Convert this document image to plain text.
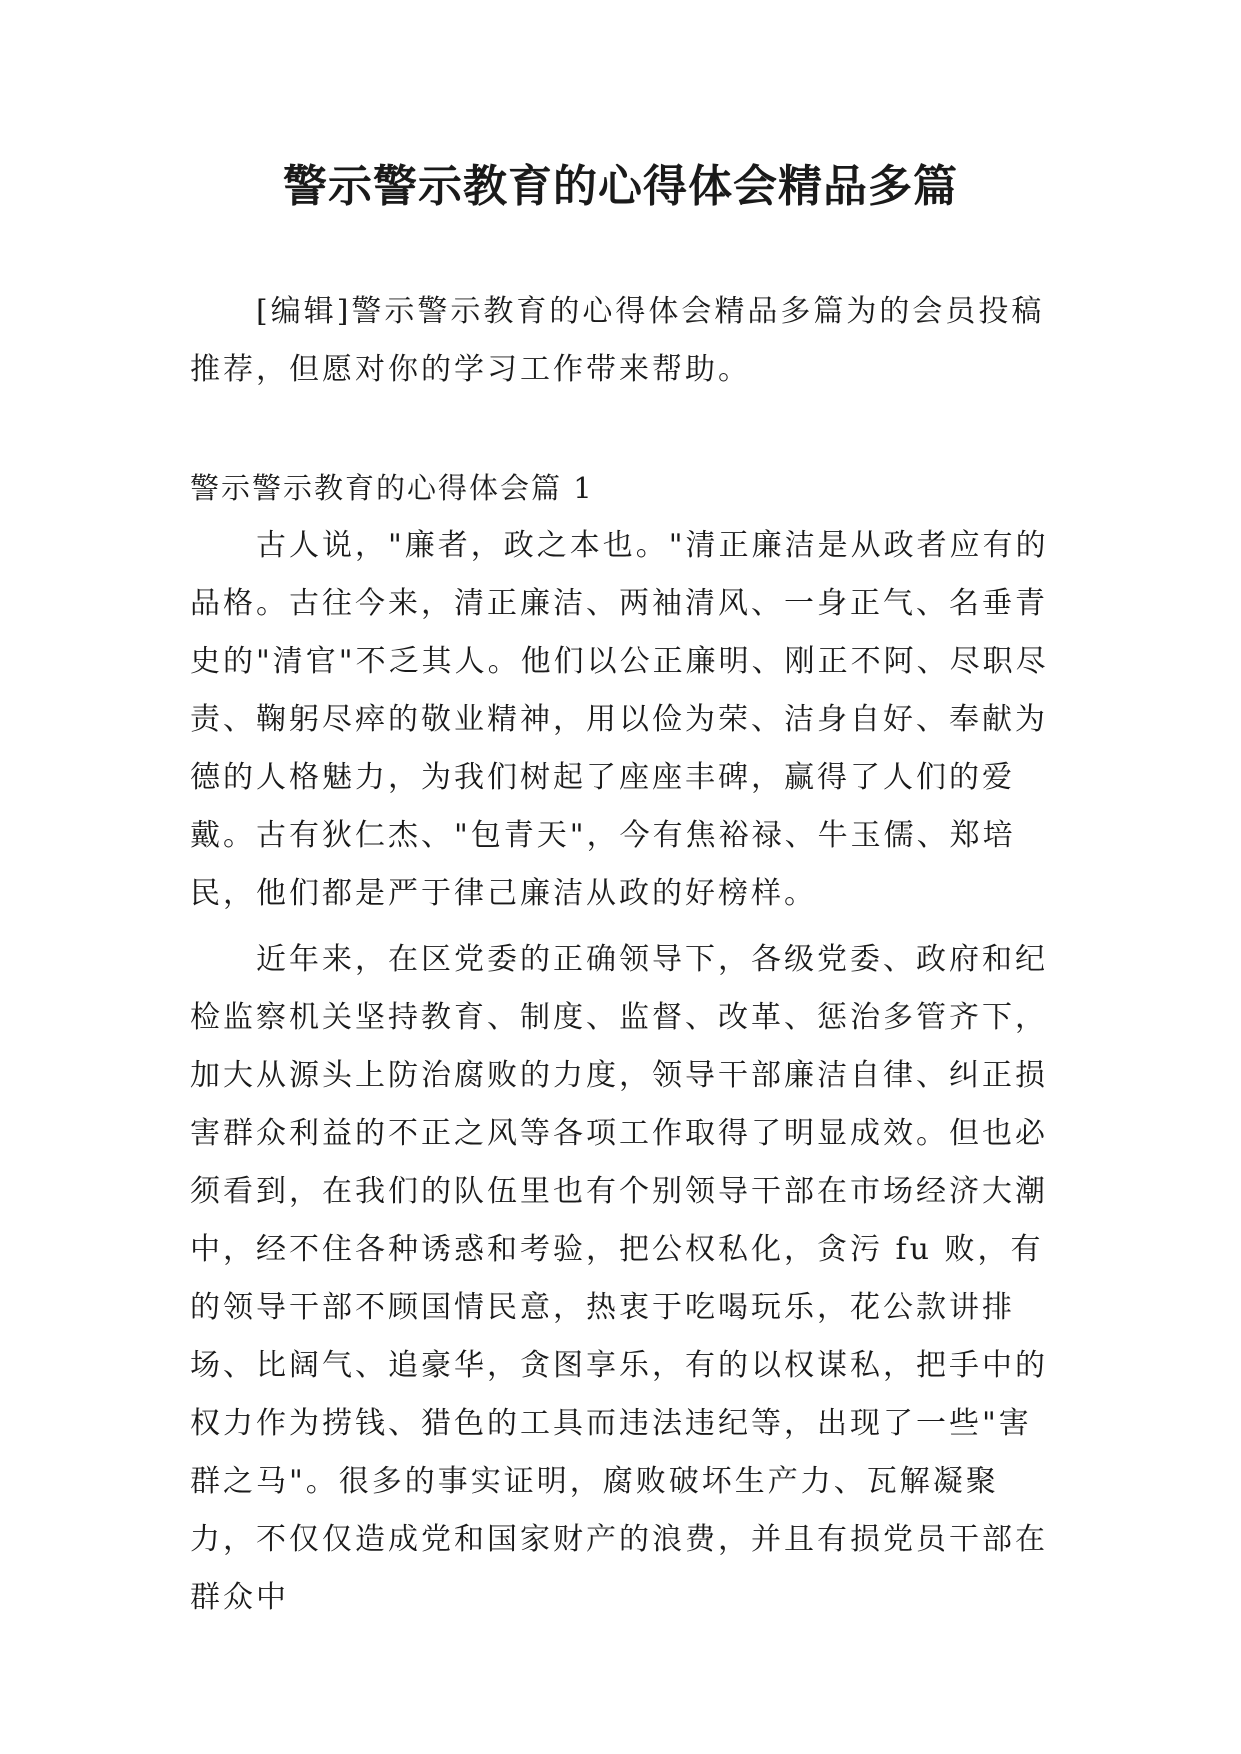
警示警示教育的心得体会精品多篇

[编辑]警示警示教育的心得体会精品多篇为的会员投稿推荐，但愿对你的学习工作带来帮助。

警示警示教育的心得体会篇 1

古人说，"廉者，政之本也。"清正廉洁是从政者应有的品格。古往今来，清正廉洁、两袖清风、一身正气、名垂青史的"清官"不乏其人。他们以公正廉明、刚正不阿、尽职尽责、鞠躬尽瘁的敬业精神，用以俭为荣、洁身自好、奉献为德的人格魅力，为我们树起了座座丰碑，赢得了人们的爱戴。古有狄仁杰、"包青天"，今有焦裕禄、牛玉儒、郑培民，他们都是严于律己廉洁从政的好榜样。

近年来，在区党委的正确领导下，各级党委、政府和纪检监察机关坚持教育、制度、监督、改革、惩治多管齐下，加大从源头上防治腐败的力度，领导干部廉洁自律、纠正损害群众利益的不正之风等各项工作取得了明显成效。但也必须看到，在我们的队伍里也有个别领导干部在市场经济大潮中，经不住各种诱惑和考验，把公权私化，贪污 fu 败，有的领导干部不顾国情民意，热衷于吃喝玩乐，花公款讲排场、比阔气、追豪华，贪图享乐，有的以权谋私，把手中的权力作为捞钱、猎色的工具而违法违纪等，出现了一些"害群之马"。很多的事实证明，腐败破坏生产力、瓦解凝聚力，不仅仅造成党和国家财产的浪费，并且有损党员干部在群众中
